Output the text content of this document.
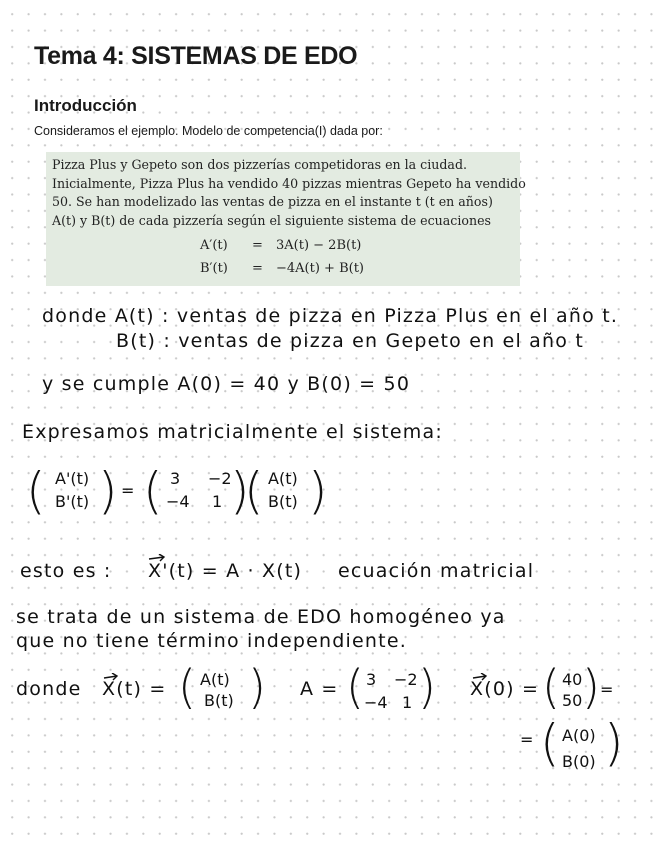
Tema 4: SISTEMAS DE EDO
Introducción
Consideramos el ejemplo. Modelo de competencia(I) dada por:

Pizza Plus y Gepeto son dos pizzerías competidoras en la ciudad.

Inicialmente, Pizza Plus ha vendido 40 pizzas mientras Gepeto ha vendido

50. Se han modelizado las ventas de pizza en el instante t (t en años)

A(t) y B(t) de cada pizzería según el siguiente sistema de ecuaciones

A′(t) = 3A(t) − 2B(t)
B′(t) = −4A(t) + B(t)
donde A(t) : ventas de pizza en Pizza Plus en el año t.
B(t) : ventas de pizza en Gepeto en el año t
y se cumple A(0) = 40 y B(0) = 50
Expresamos matricialmente el sistema:
( A'(t)
B'(t) ) = ( 3 −2
−4 1 )
( A(t)
B(t) )
esto es : X'(t) = A · X(t) ecuación matricial
se trata de un sistema de EDO homogéneo ya
que no tiene término independiente.
donde X(t) = ( A(t)
B(t) ) A = ( 3 −2
−4 1 ) X(0) = ( 40
50 ) =
= ( A(0)
B(0) )
